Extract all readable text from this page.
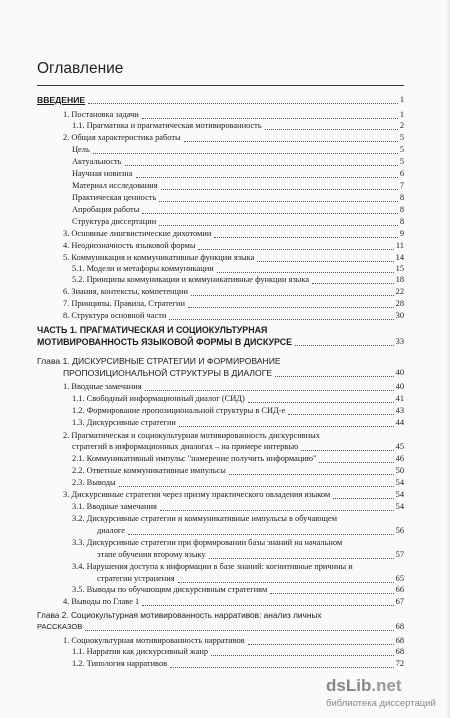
Оглавление
ВВЕДЕНИЕ	1
1. Постановка задачи	1
1.1. Прагматика и прагматическая мотивированность	2
2. Общая характеристика работы	5
Цель	5
Актуальность	5
Научная новизна	6
Материал исследования	7
Практическая ценность	8
Апробация работы	8
Структура диссертации	8
3. Основные лингвистические дихотомии	9
4. Неоднозначность языковой формы	11
5. Коммуникация и коммуникативные функции языка	14
5.1. Модели и метафоры коммуникации	15
5.2. Принципы коммуникации и коммуникативные функции языка	18
6. Знания, контексты, компетенции	22
7. Принципы. Правила, Стратегии	28
8. Структура основной части	30
ЧАСТЬ 1. ПРАГМАТИЧЕСКАЯ И СОЦИОКУЛЬТУРНАЯ
МОТИВИРОВАННОСТЬ ЯЗЫКОВОЙ ФОРМЫ В ДИСКУРСЕ	33
Глава 1. ДИСКУРСИВНЫЕ СТРАТЕГИИ И ФОРМИРОВАНИЕ
ПРОПОЗИЦИОНАЛЬНОЙ СТРУКТУРЫ В ДИАЛОГЕ	40
1. Вводные замечания	40
1.1. Свободный информационный диалог (СИД)	41
1.2. Формирование пропозициональной структуры в СИД-е	43
1.3. Дискурсивные стратегии	44
2. Прагматическая и социокультурная мотивированность дискурсивных
стратегий в информационных диалогах – на примере интервью	45
2.1. Коммуникативный импульс "намерение получить информацию"	46
2.2. Ответные коммуникативные импульсы	50
2.3. Выводы	54
3. Дискурсивные стратегии через призму практического овладения языком	54
3.1. Вводные замечания	54
3.2. Дискурсивные стратегии и коммуникативные импульсы в обучающем
диалоге	56
3.3. Дискурсивные стратегии при формировании базы знаний на начальном
этапе обучения второму языку	57
3.4. Нарушения доступа к информации в базе знаний: когнитивные причины и
стратегии устранения	65
3.5. Выводы по обучающим дискурсивным стратегиям	66
4. Выводы по Главе 1	67
Глава 2. Социокультурная мотивированность нарративов: анализ личных
РАССКАЗОВ	68
1. Социокультурная мотивированность нарративов	68
1.1. Нарратив как дискурсивный жанр	68
1.2. Типология нарративов	72
dsLib.net
библиотека диссертаций
